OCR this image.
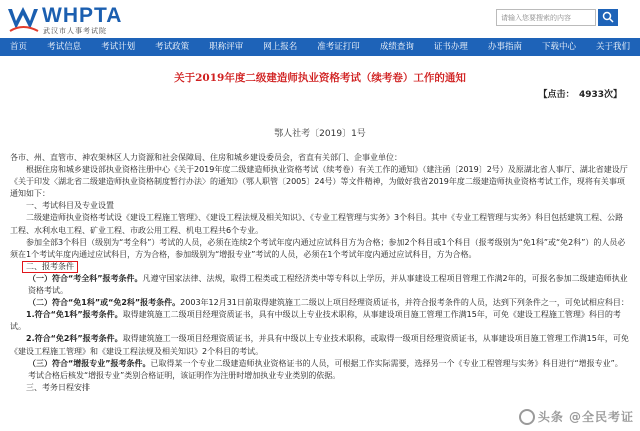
WHPTA
武汉市人事考试院
请输入您要搜索的内容
首页	考试信息	考试计划	考试政策	职称评审	网上报名	准考证打印	成绩查询	证书办理	办事指南	下载中心	关于我们
关于2019年度二级建造师执业资格考试（续考卷）工作的通知
【点击：　4933次】
鄂人社考〔2019〕1号

各市、州、直管市、神农架林区人力资源和社会保障局、住房和城乡建设委员会，省直有关部门、企事业单位：

根据住房和城乡建设部执业资格注册中心《关于2019年度二级建造师执业资格考试（续考卷）有关工作的通知》（建注函〔2019〕2号）及原湖北省人事厅、湖北省建设厅《关于印发〈湖北省二级建造师执业资格制度暂行办法〉的通知》（鄂人职管〔2005〕24号）等文件精神，为做好我省2019年度二级建造师执业资格考试工作，现将有关事项通知如下：

一、考试科目及专业设置

二级建造师执业资格考试设《建设工程施工管理》、《建设工程法规及相关知识》、《专业工程管理与实务》3个科目。其中《专业工程管理与实务》科目包括建筑工程、公路工程、水利水电工程、矿业工程、市政公用工程、机电工程共6个专业。

参加全部3个科目（级别为“考全科”）考试的人员，必须在连续2个考试年度内通过应试科目方为合格；参加2个科目或1个科目（报考级别为“免1科”或“免2科”）的人员必须在1个考试年度内通过应试科目，方为合格，参加级别为“增报专业”考试的人员，必须在1个考试年度内通过应试科目，方为合格。

二、报考条件

（一）符合“考全科”报考条件。凡遵守国家法律、法规，取得工程类或工程经济类中等专科以上学历，并从事建设工程项目管理工作满2年的，可报名参加二级建造师执业资格考试。

（二）符合“免1科”或“免2科”报考条件。2003年12月31日前取得建筑施工二级以上项目经理资质证书，并符合报考条件的人员，达到下列条件之一，可免试相应科目：

1.符合“免1科”报考条件。取得建筑施工二级项目经理资质证书，具有中级以上专业技术职称，从事建设项目施工管理工作满15年，可免《建设工程施工管理》科目的考试。

2.符合“免2科”报考条件。取得建筑施工一级项目经理资质证书，并具有中级以上专业技术职称，或取得一级项目经理资质证书，从事建设项目施工管理工作满15年，可免《建设工程施工管理》和《建设工程法规及相关知识》2个科目的考试。

（三）符合“增报专业”报考条件。已取得某一个专业二级建造师执业资格证书的人员，可根据工作实际需要，选择另一个《专业工程管理与实务》科目进行“增报专业”。考试合格后核发“增报专业”类别合格证明，该证明作为注册时增加执业专业类别的依据。

三、考务日程安排

头条 @全民考证
